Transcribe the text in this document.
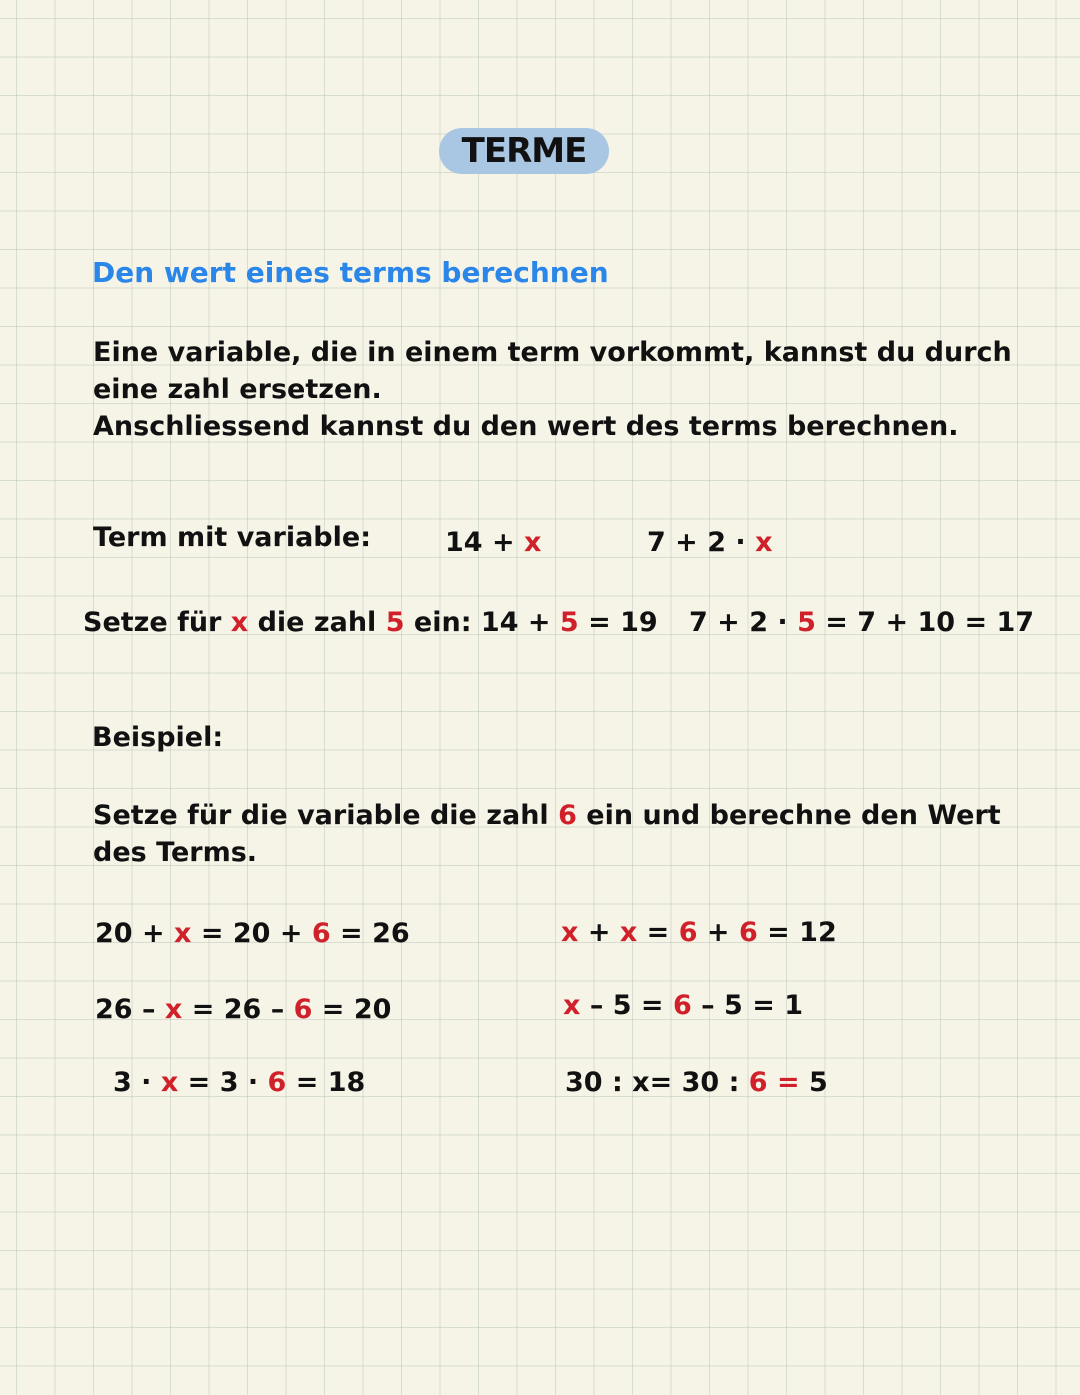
TERME
Den wert eines terms berechnen
Eine variable, die in einem term vorkommt, kannst du durch
eine zahl ersetzen.
Anschliessend kannst du den wert des terms berechnen.
Term mit variable:	14 + x	7 + 2 · x
Setze für x die zahl 5 ein: 14 + 5 = 19 7 + 2 · 5 = 7 + 10 = 17
Beispiel:
Setze für die variable die zahl 6 ein und berechne den Wert
des Terms.
20 + x = 20 + 6 = 26
26 – x = 26 – 6 = 20
3 · x = 3 · 6 = 18
x + x = 6 + 6 = 12
x – 5 = 6 – 5 = 1
30 : x= 30 : 6 = 5
